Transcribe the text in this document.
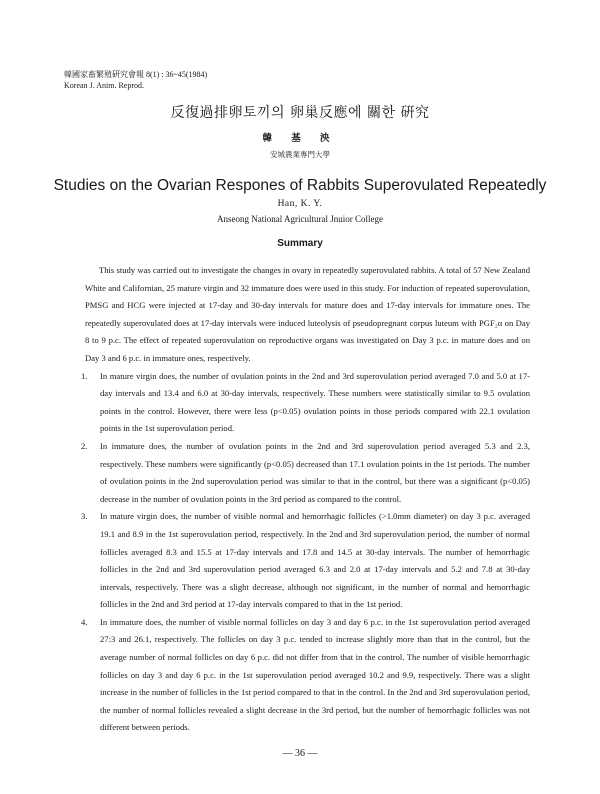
韓國家畜繁殖硏究會報 8(1) : 36~45(1984)
Korean J. Anim. Reprod.
反復過排卵토끼의 卵巢反應에 關한 硏究
韓 基 泱
安城農業專門大學
Studies on the Ovarian Respones of Rabbits Superovulated Repeatedly
Han, K. Y.
Anseong National Agricultural Jnuior College
Summary

This study was carried out to investigate the changes in ovary in repeatedly superovulated rabbits. A total of 57 New Zealand White and Californian, 25 mature virgin and 32 immature does were used in this study. For induction of repeated superovulation, PMSG and HCG were injected at 17-day and 30-day intervals for mature does and 17-day intervals for immature ones. The repeatedly superovulated does at 17-day intervals were induced luteolysis of pseudopregnant corpus luteum with PGF₂α on Day 8 to 9 p.c. The effect of repeated superovulation on reproductive organs was investigated on Day 3 p.c. in mature does and on Day 3 and 6 p.c. in immature ones, respectively.

1. In mature virgin does, the number of ovulation points in the 2nd and 3rd superovulation period averaged 7.0 and 5.0 at 17-day intervals and 13.4 and 6.0 at 30-day intervals, respectively. These numbers were statistically similar to 9.5 ovulation points in the control. However, there were less (p<0.05) ovulation points in those periods compared with 22.1 ovulation points in the 1st superovulation period.
2. In immature does, the number of ovulation points in the 2nd and 3rd superovulation period averaged 5.3 and 2.3, respectively. These numbers were significantly (p<0.05) decreased than 17.1 ovulation points in the 1st periods. The number of ovulation points in the 2nd superovulation period was similar to that in the control, but there was a significant (p<0.05) decrease in the number of ovulation points in the 3rd period as compared to the control.
3. In mature virgin does, the number of visible normal and hemorrhagic follicles (>1.0mm diameter) on day 3 p.c. averaged 19.1 and 8.9 in the 1st superovulation period, respectively. In the 2nd and 3rd superovulation period, the number of normal follicles averaged 8.3 and 15.5 at 17-day intervals and 17.8 and 14.5 at 30-day intervals. The number of hemorrhagic follicles in the 2nd and 3rd superovulation period averaged 6.3 and 2.0 at 17-day intervals and 5.2 and 7.8 at 30-day intervals, respectively. There was a slight decrease, although not significant, in the number of normal and hemorrhagic follicles in the 2nd and 3rd period at 17-day intervals compared to that in the 1st period.
4. In immature does, the number of visible normal follicles on day 3 and day 6 p.c. in the 1st superovulation period averaged 27:3 and 26.1, respectively. The follicles on day 3 p.c. tended to increase slightly more than that in the control, but the average number of normal follicles on day 6 p.c. did not differ from that in the control. The number of visible hemorrhagic follicles on day 3 and day 6 p.c. in the 1st superovulation period averaged 10.2 and 9.9, respectively. There was a slight increase in the number of follicles in the 1st period compared to that in the control. In the 2nd and 3rd superovulation period, the number of normal follicles revealed a slight decrease in the 3rd period, but the number of hemorrhagic follicles was not different between periods.
— 36 —
